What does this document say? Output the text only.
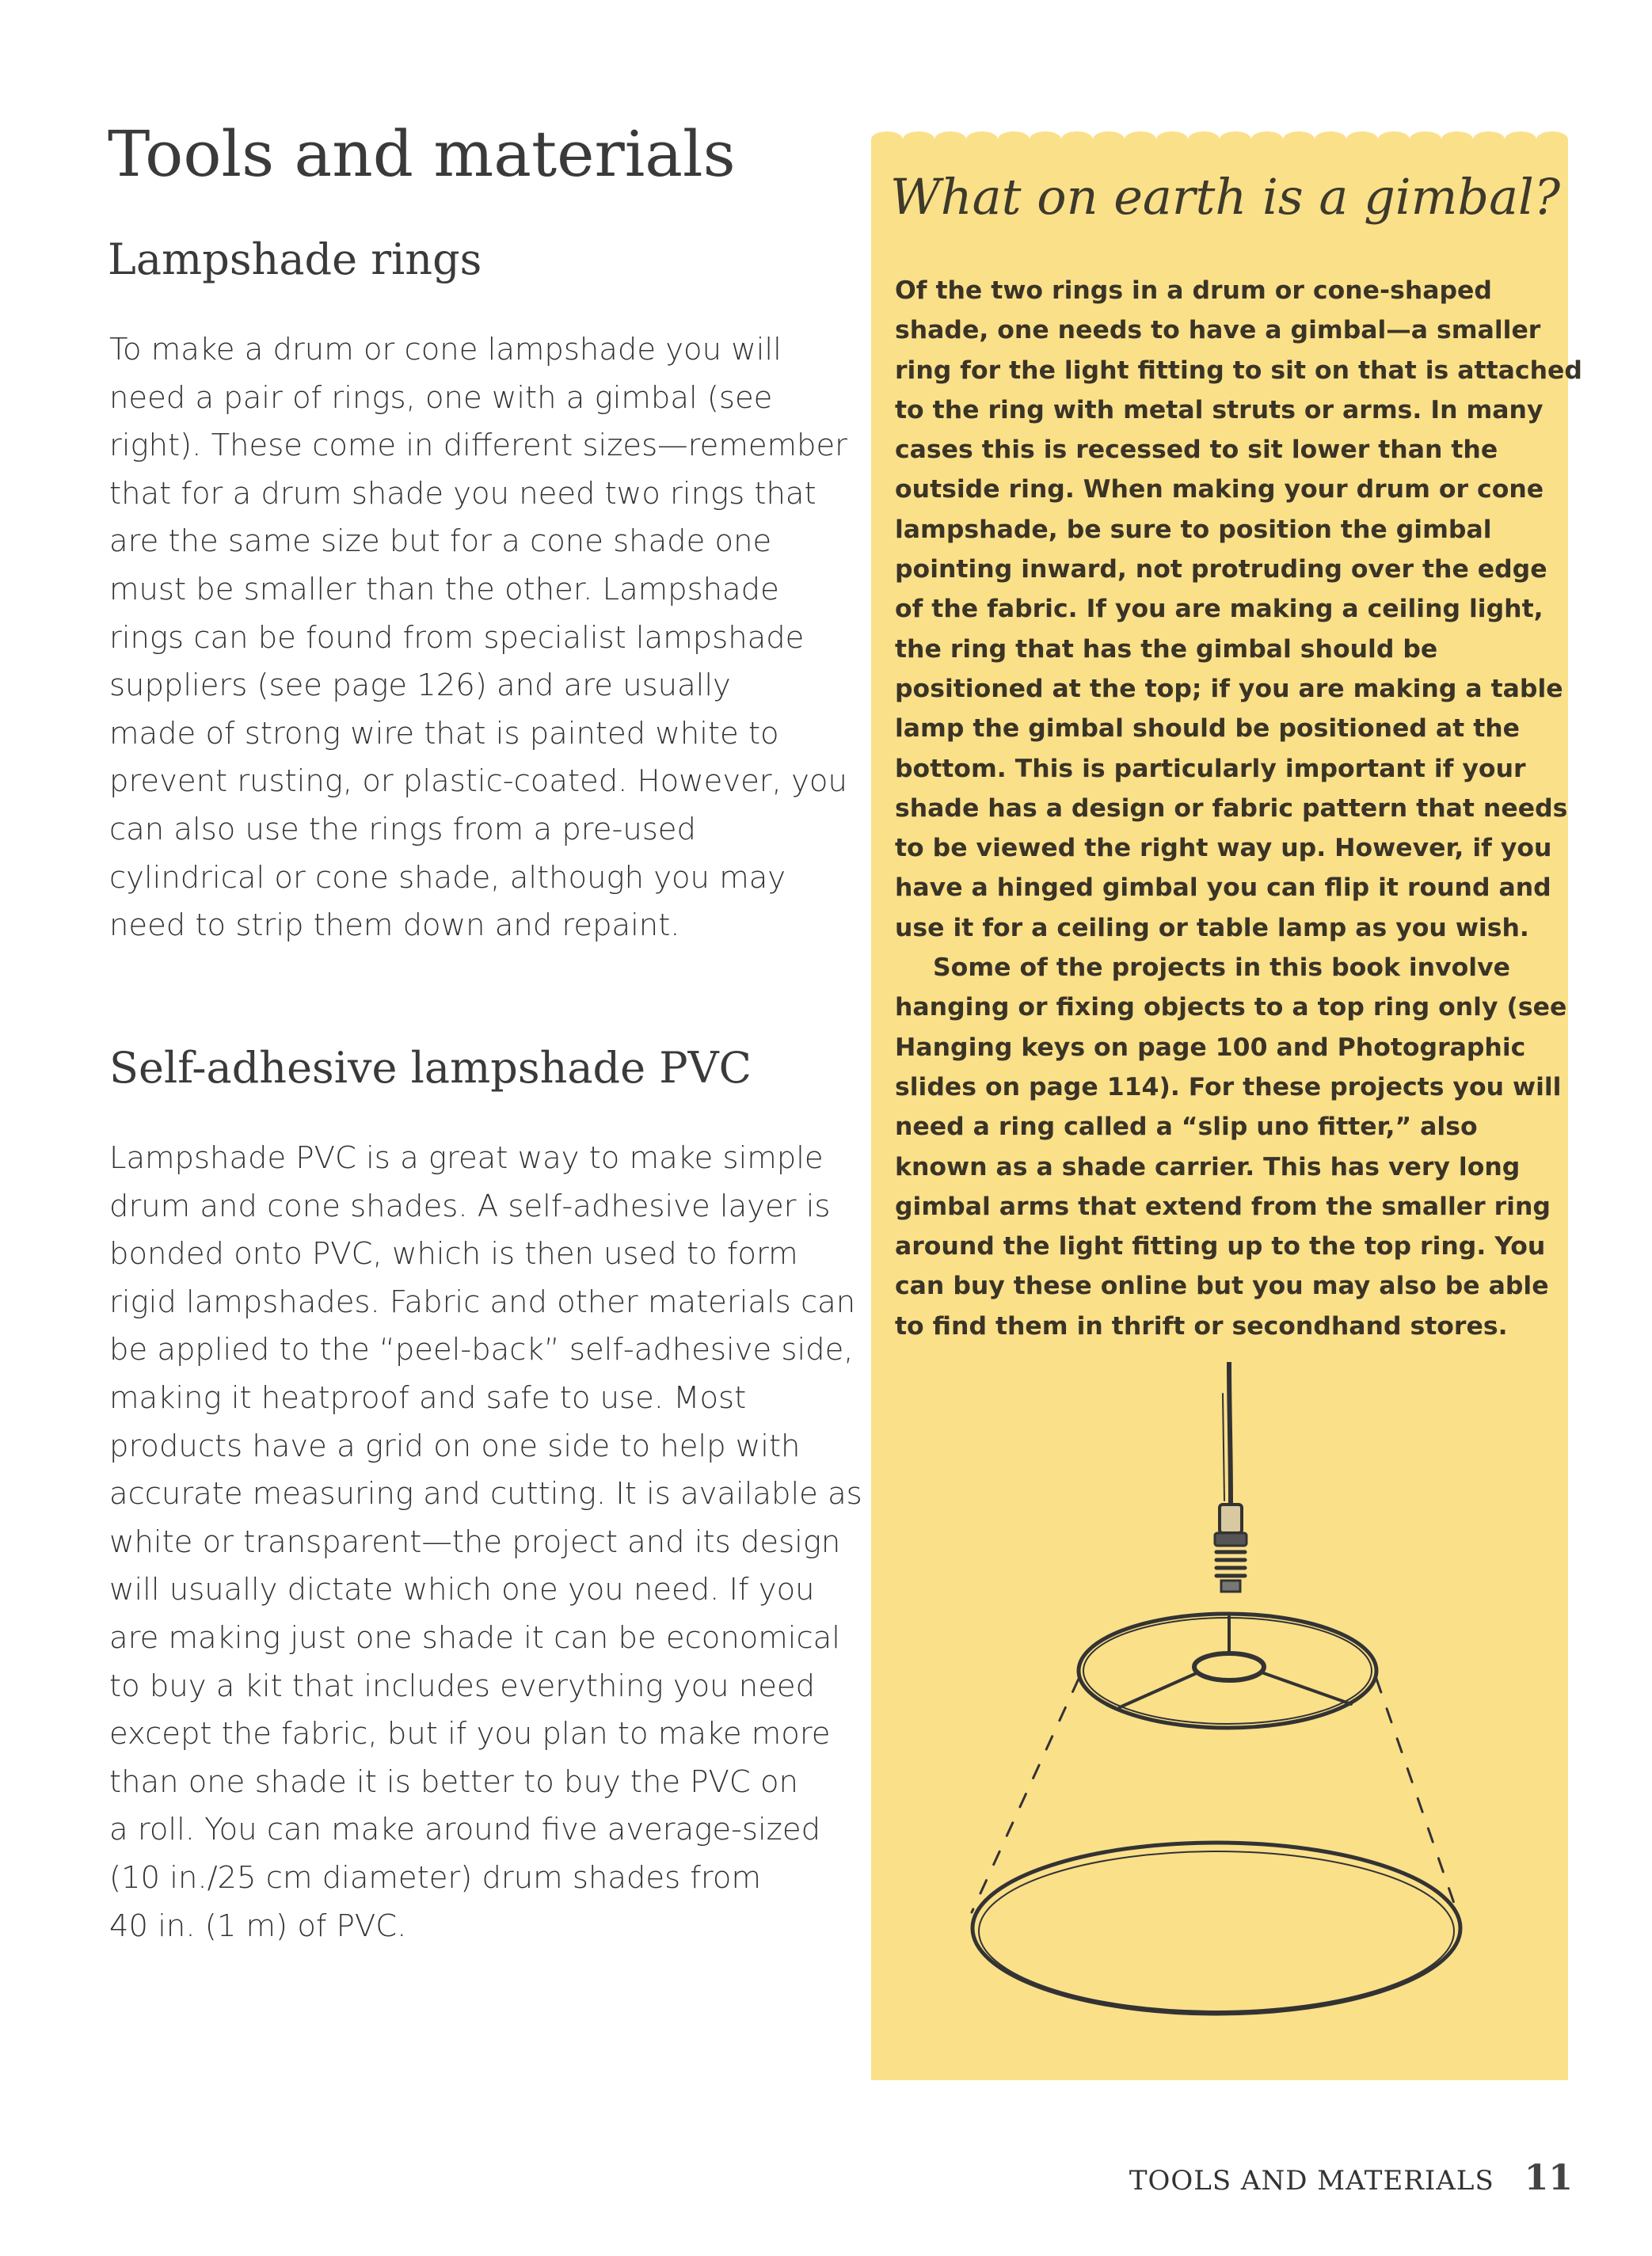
Tools and materials
Lampshade rings
To make a drum or cone lampshade you will
need a pair of rings, one with a gimbal (see
right). These come in different sizes—remember
that for a drum shade you need two rings that
are the same size but for a cone shade one
must be smaller than the other. Lampshade
rings can be found from specialist lampshade
suppliers (see page 126) and are usually
made of strong wire that is painted white to
prevent rusting, or plastic-coated. However, you
can also use the rings from a pre-used
cylindrical or cone shade, although you may
need to strip them down and repaint.
Self-adhesive lampshade PVC
Lampshade PVC is a great way to make simple
drum and cone shades. A self-adhesive layer is
bonded onto PVC, which is then used to form
rigid lampshades. Fabric and other materials can
be applied to the “peel-back” self-adhesive side,
making it heatproof and safe to use. Most
products have a grid on one side to help with
accurate measuring and cutting. It is available as
white or transparent—the project and its design
will usually dictate which one you need. If you
are making just one shade it can be economical
to buy a kit that includes everything you need
except the fabric, but if you plan to make more
than one shade it is better to buy the PVC on
a roll. You can make around five average-sized
(10 in./25 cm diameter) drum shades from
40 in. (1 m) of PVC.
What on earth is a gimbal?
Of the two rings in a drum or cone-shaped
shade, one needs to have a gimbal—a smaller
ring for the light fitting to sit on that is attached
to the ring with metal struts or arms. In many
cases this is recessed to sit lower than the
outside ring. When making your drum or cone
lampshade, be sure to position the gimbal
pointing inward, not protruding over the edge
of the fabric. If you are making a ceiling light,
the ring that has the gimbal should be
positioned at the top; if you are making a table
lamp the gimbal should be positioned at the
bottom. This is particularly important if your
shade has a design or fabric pattern that needs
to be viewed the right way up. However, if you
have a hinged gimbal you can flip it round and
use it for a ceiling or table lamp as you wish.
Some of the projects in this book involve
hanging or fixing objects to a top ring only (see
Hanging keys on page 100 and Photographic
slides on page 114). For these projects you will
need a ring called a “slip uno fitter,” also
known as a shade carrier. This has very long
gimbal arms that extend from the smaller ring
around the light fitting up to the top ring. You
can buy these online but you may also be able
to find them in thrift or secondhand stores.
TOOLS AND MATERIALS 11
